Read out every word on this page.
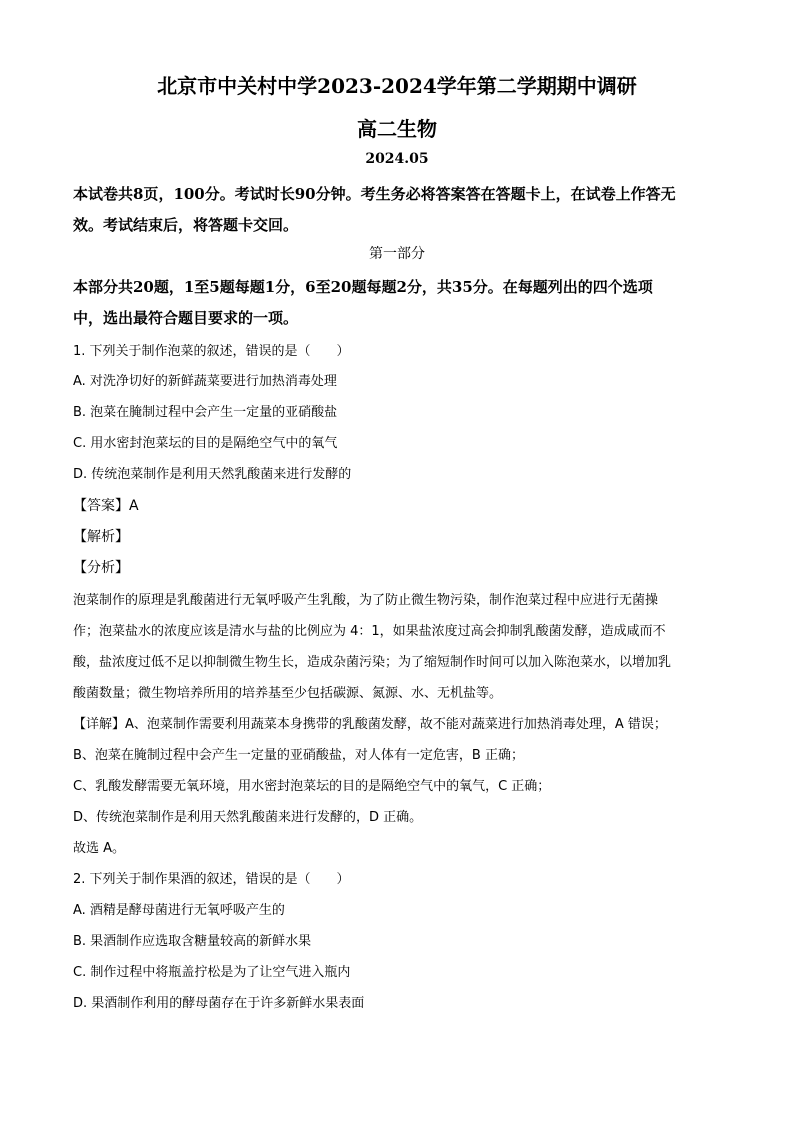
北京市中关村中学2023-2024学年第二学期期中调研
高二生物
2024.05
本试卷共8页，100分。考试时长90分钟。考生务必将答案答在答题卡上，在试卷上作答无
效。考试结束后，将答题卡交回。
第一部分
本部分共20题，1至5题每题1分，6至20题每题2分，共35分。在每题列出的四个选项
中，选出最符合题目要求的一项。
1. 下列关于制作泡菜的叙述，错误的是（　　）
A. 对洗净切好的新鲜蔬菜要进行加热消毒处理
B. 泡菜在腌制过程中会产生一定量的亚硝酸盐
C. 用水密封泡菜坛的目的是隔绝空气中的氧气
D. 传统泡菜制作是利用天然乳酸菌来进行发酵的
【答案】A
【解析】
【分析】
泡菜制作的原理是乳酸菌进行无氧呼吸产生乳酸，为了防止微生物污染，制作泡菜过程中应进行无菌操
作；泡菜盐水的浓度应该是清水与盐的比例应为 4：1，如果盐浓度过高会抑制乳酸菌发酵，造成咸而不
酸，盐浓度过低不足以抑制微生物生长，造成杂菌污染；为了缩短制作时间可以加入陈泡菜水，以增加乳
酸菌数量；微生物培养所用的培养基至少包括碳源、氮源、水、无机盐等。
【详解】A、泡菜制作需要利用蔬菜本身携带的乳酸菌发酵，故不能对蔬菜进行加热消毒处理，A 错误；
B、泡菜在腌制过程中会产生一定量的亚硝酸盐，对人体有一定危害，B 正确；
C、乳酸发酵需要无氧环境，用水密封泡菜坛的目的是隔绝空气中的氧气，C 正确；
D、传统泡菜制作是利用天然乳酸菌来进行发酵的，D 正确。
故选 A。
2. 下列关于制作果酒的叙述，错误的是（　　）
A. 酒精是酵母菌进行无氧呼吸产生的
B. 果酒制作应选取含糖量较高的新鲜水果
C. 制作过程中将瓶盖拧松是为了让空气进入瓶内
D. 果酒制作利用的酵母菌存在于许多新鲜水果表面
